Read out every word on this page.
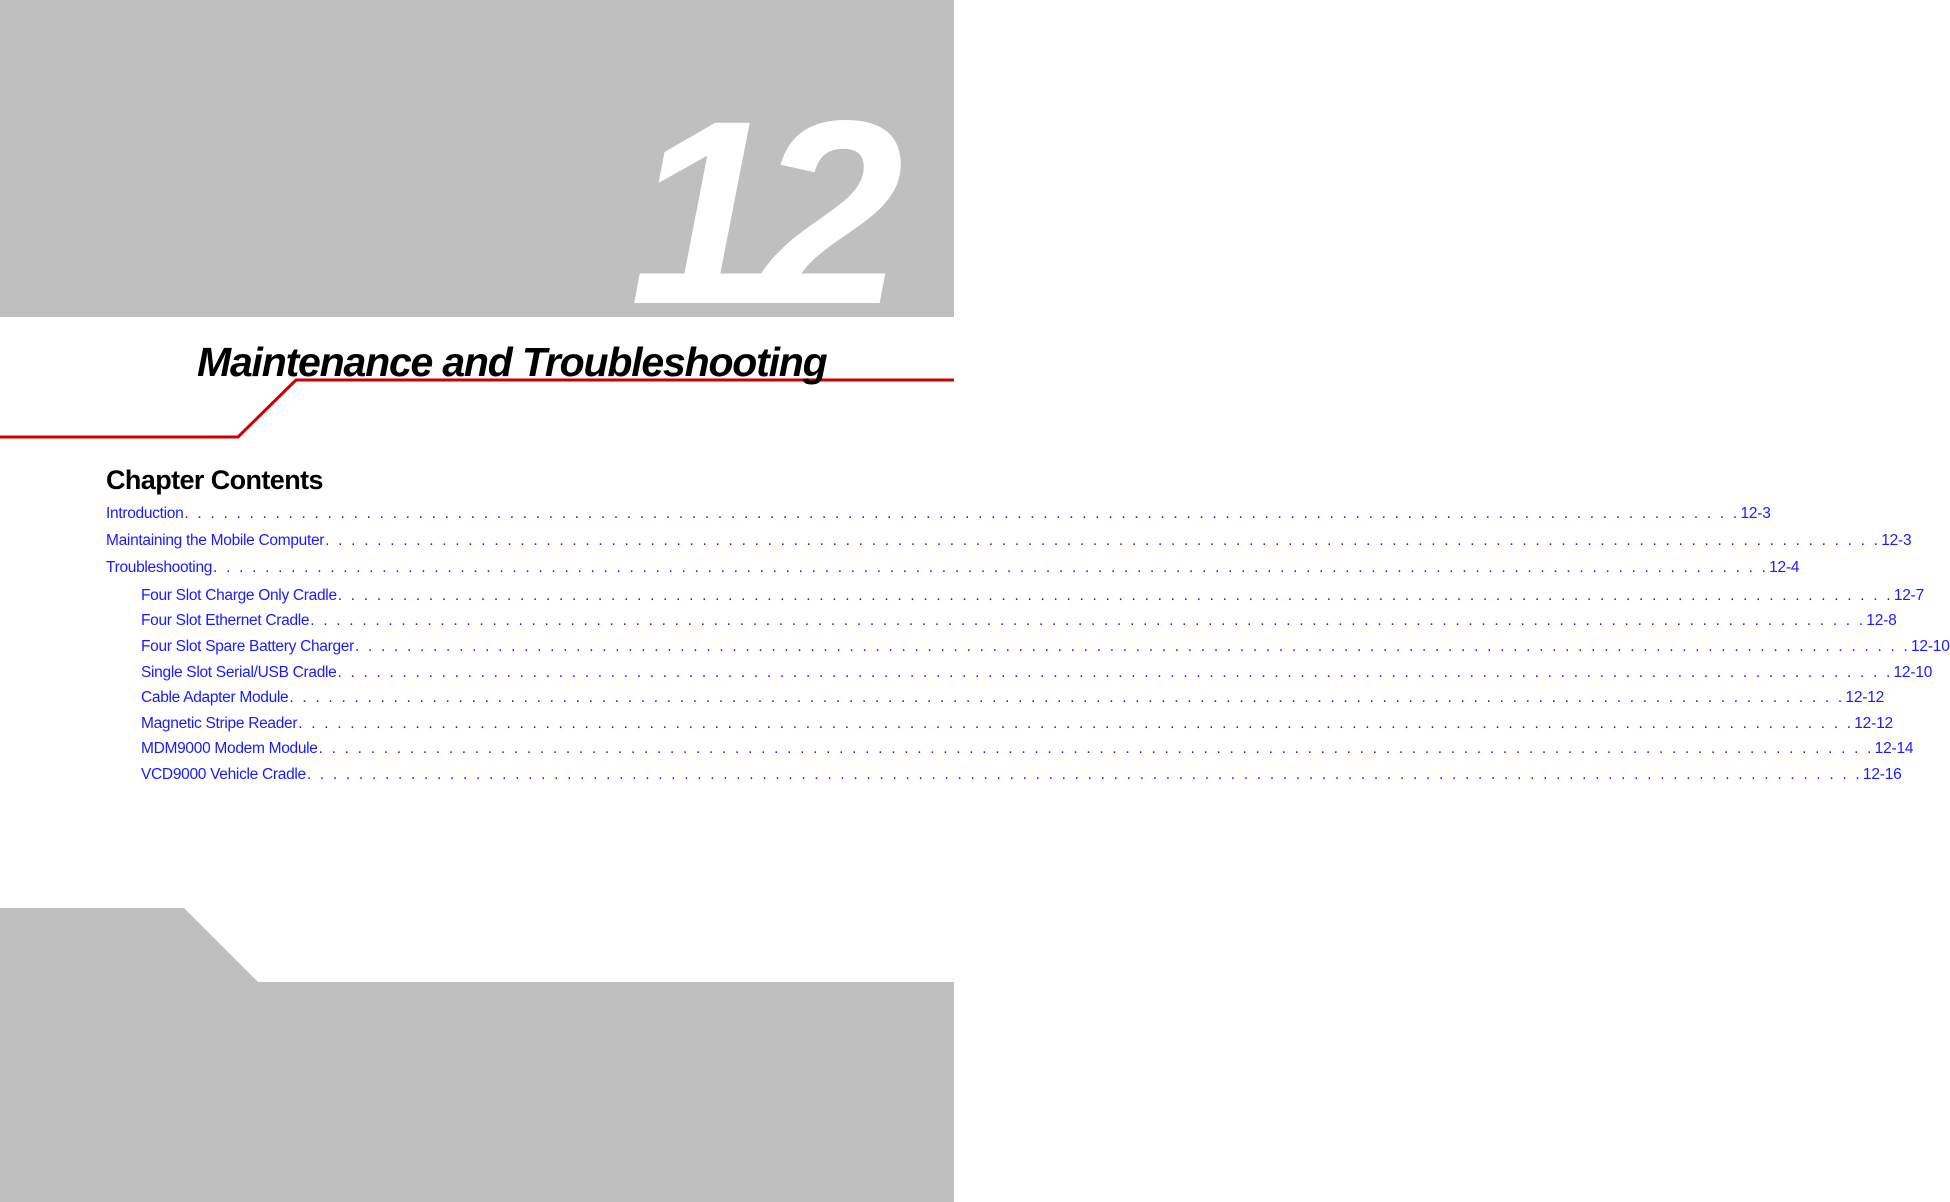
12
Maintenance and Troubleshooting
Chapter Contents
Introduction . . . . . . . . . . . . . . . . . . . . . . . . . . . . . . . . . . . . . . . . . . . . . . . . . . . . . . . . . . . . . . . . . . . . . . . . . . . . . . . . . . . . . . . . . . . . . . . . . . . . . . . . . . . . . . . . . . . . . . . . 12-3
Maintaining the Mobile Computer . . . . . . . . . . . . . . . . . . . . . . . . . . . . . . . . . . . . . . . . . . . . . . . . . . . . . . . . . . . . . . . . . . . . . . . . . . . . . . . . . . . . . . . . . . . . . . . . . . . . . . . . . . . . . . . . . . . . . . . . 12-3
Troubleshooting . . . . . . . . . . . . . . . . . . . . . . . . . . . . . . . . . . . . . . . . . . . . . . . . . . . . . . . . . . . . . . . . . . . . . . . . . . . . . . . . . . . . . . . . . . . . . . . . . . . . . . . . . . . . . . . . . . . . . . . . 12-4
Four Slot Charge Only Cradle . . . . . . . . . . . . . . . . . . . . . . . . . . . . . . . . . . . . . . . . . . . . . . . . . . . . . . . . . . . . . . . . . . . . . . . . . . . . . . . . . . . . . . . . . . . . . . . . . . . . . . . . . . . . . . . . . . . . . . . . 12-7
Four Slot Ethernet Cradle . . . . . . . . . . . . . . . . . . . . . . . . . . . . . . . . . . . . . . . . . . . . . . . . . . . . . . . . . . . . . . . . . . . . . . . . . . . . . . . . . . . . . . . . . . . . . . . . . . . . . . . . . . . . . . . . . . . . . . . . 12-8
Four Slot Spare Battery Charger . . . . . . . . . . . . . . . . . . . . . . . . . . . . . . . . . . . . . . . . . . . . . . . . . . . . . . . . . . . . . . . . . . . . . . . . . . . . . . . . . . . . . . . . . . . . . . . . . . . . . . . . . . . . . . . . . . . . . . . . 12-10
Single Slot Serial/USB Cradle . . . . . . . . . . . . . . . . . . . . . . . . . . . . . . . . . . . . . . . . . . . . . . . . . . . . . . . . . . . . . . . . . . . . . . . . . . . . . . . . . . . . . . . . . . . . . . . . . . . . . . . . . . . . . . . . . . . . . . . . 12-10
Cable Adapter Module . . . . . . . . . . . . . . . . . . . . . . . . . . . . . . . . . . . . . . . . . . . . . . . . . . . . . . . . . . . . . . . . . . . . . . . . . . . . . . . . . . . . . . . . . . . . . . . . . . . . . . . . . . . . . . . . . . . . . . . . 12-12
Magnetic Stripe Reader . . . . . . . . . . . . . . . . . . . . . . . . . . . . . . . . . . . . . . . . . . . . . . . . . . . . . . . . . . . . . . . . . . . . . . . . . . . . . . . . . . . . . . . . . . . . . . . . . . . . . . . . . . . . . . . . . . . . . . . . 12-12
MDM9000 Modem Module . . . . . . . . . . . . . . . . . . . . . . . . . . . . . . . . . . . . . . . . . . . . . . . . . . . . . . . . . . . . . . . . . . . . . . . . . . . . . . . . . . . . . . . . . . . . . . . . . . . . . . . . . . . . . . . . . . . . . . . . 12-14
VCD9000 Vehicle Cradle . . . . . . . . . . . . . . . . . . . . . . . . . . . . . . . . . . . . . . . . . . . . . . . . . . . . . . . . . . . . . . . . . . . . . . . . . . . . . . . . . . . . . . . . . . . . . . . . . . . . . . . . . . . . . . . . . . . . . . . . 12-16
